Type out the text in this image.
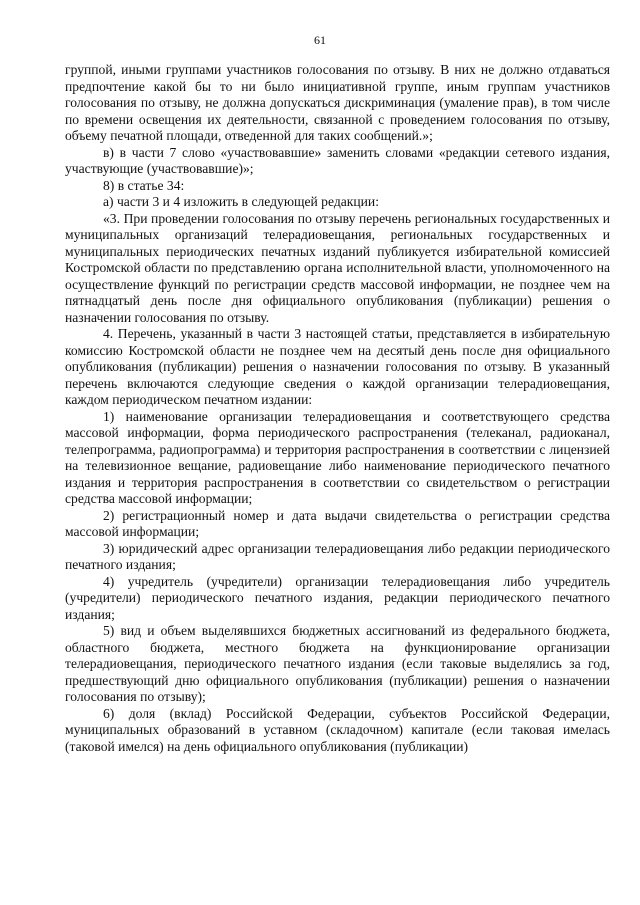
61

группой, иными группами участников голосования по отзыву. В них не должно отдаваться предпочтение какой бы то ни было инициативной группе, иным группам участников голосования по отзыву, не должна допускаться дискриминация (умаление прав), в том числе по времени освещения их деятельности, связанной с проведением голосования по отзыву, объему печатной площади, отведенной для таких сообщений.»;

в) в части 7 слово «участвовавшие» заменить словами «редакции сетевого издания, участвующие (участвовавшие)»;

8) в статье 34:

а) части 3 и 4 изложить в следующей редакции:

«3. При проведении голосования по отзыву перечень региональных государственных и муниципальных организаций телерадиовещания, региональных государственных и муниципальных периодических печатных изданий публикуется избирательной комиссией Костромской области по представлению органа исполнительной власти, уполномоченного на осуществление функций по регистрации средств массовой информации, не позднее чем на пятнадцатый день после дня официального опубликования (публикации) решения о назначении голосования по отзыву.

4. Перечень, указанный в части 3 настоящей статьи, представляется в избирательную комиссию Костромской области не позднее чем на десятый день после дня официального опубликования (публикации) решения о назначении голосования по отзыву. В указанный перечень включаются следующие сведения о каждой организации телерадиовещания, каждом периодическом печатном издании:

1) наименование организации телерадиовещания и соответствующего средства массовой информации, форма периодического распространения (телеканал, радиоканал, телепрограмма, радиопрограмма) и территория распространения в соответствии с лицензией на телевизионное вещание, радиовещание либо наименование периодического печатного издания и территория распространения в соответствии со свидетельством о регистрации средства массовой информации;

2) регистрационный номер и дата выдачи свидетельства о регистрации средства массовой информации;

3) юридический адрес организации телерадиовещания либо редакции периодического печатного издания;

4) учредитель (учредители) организации телерадиовещания либо учредитель (учредители) периодического печатного издания, редакции периодического печатного издания;

5) вид и объем выделявшихся бюджетных ассигнований из федерального бюджета, областного бюджета, местного бюджета на функционирование организации телерадиовещания, периодического печатного издания (если таковые выделялись за год, предшествующий дню официального опубликования (публикации) решения о назначении голосования по отзыву);

6) доля (вклад) Российской Федерации, субъектов Российской Федерации, муниципальных образований в уставном (складочном) капитале (если таковая имелась (таковой имелся) на день официального опубликования (публикации)
